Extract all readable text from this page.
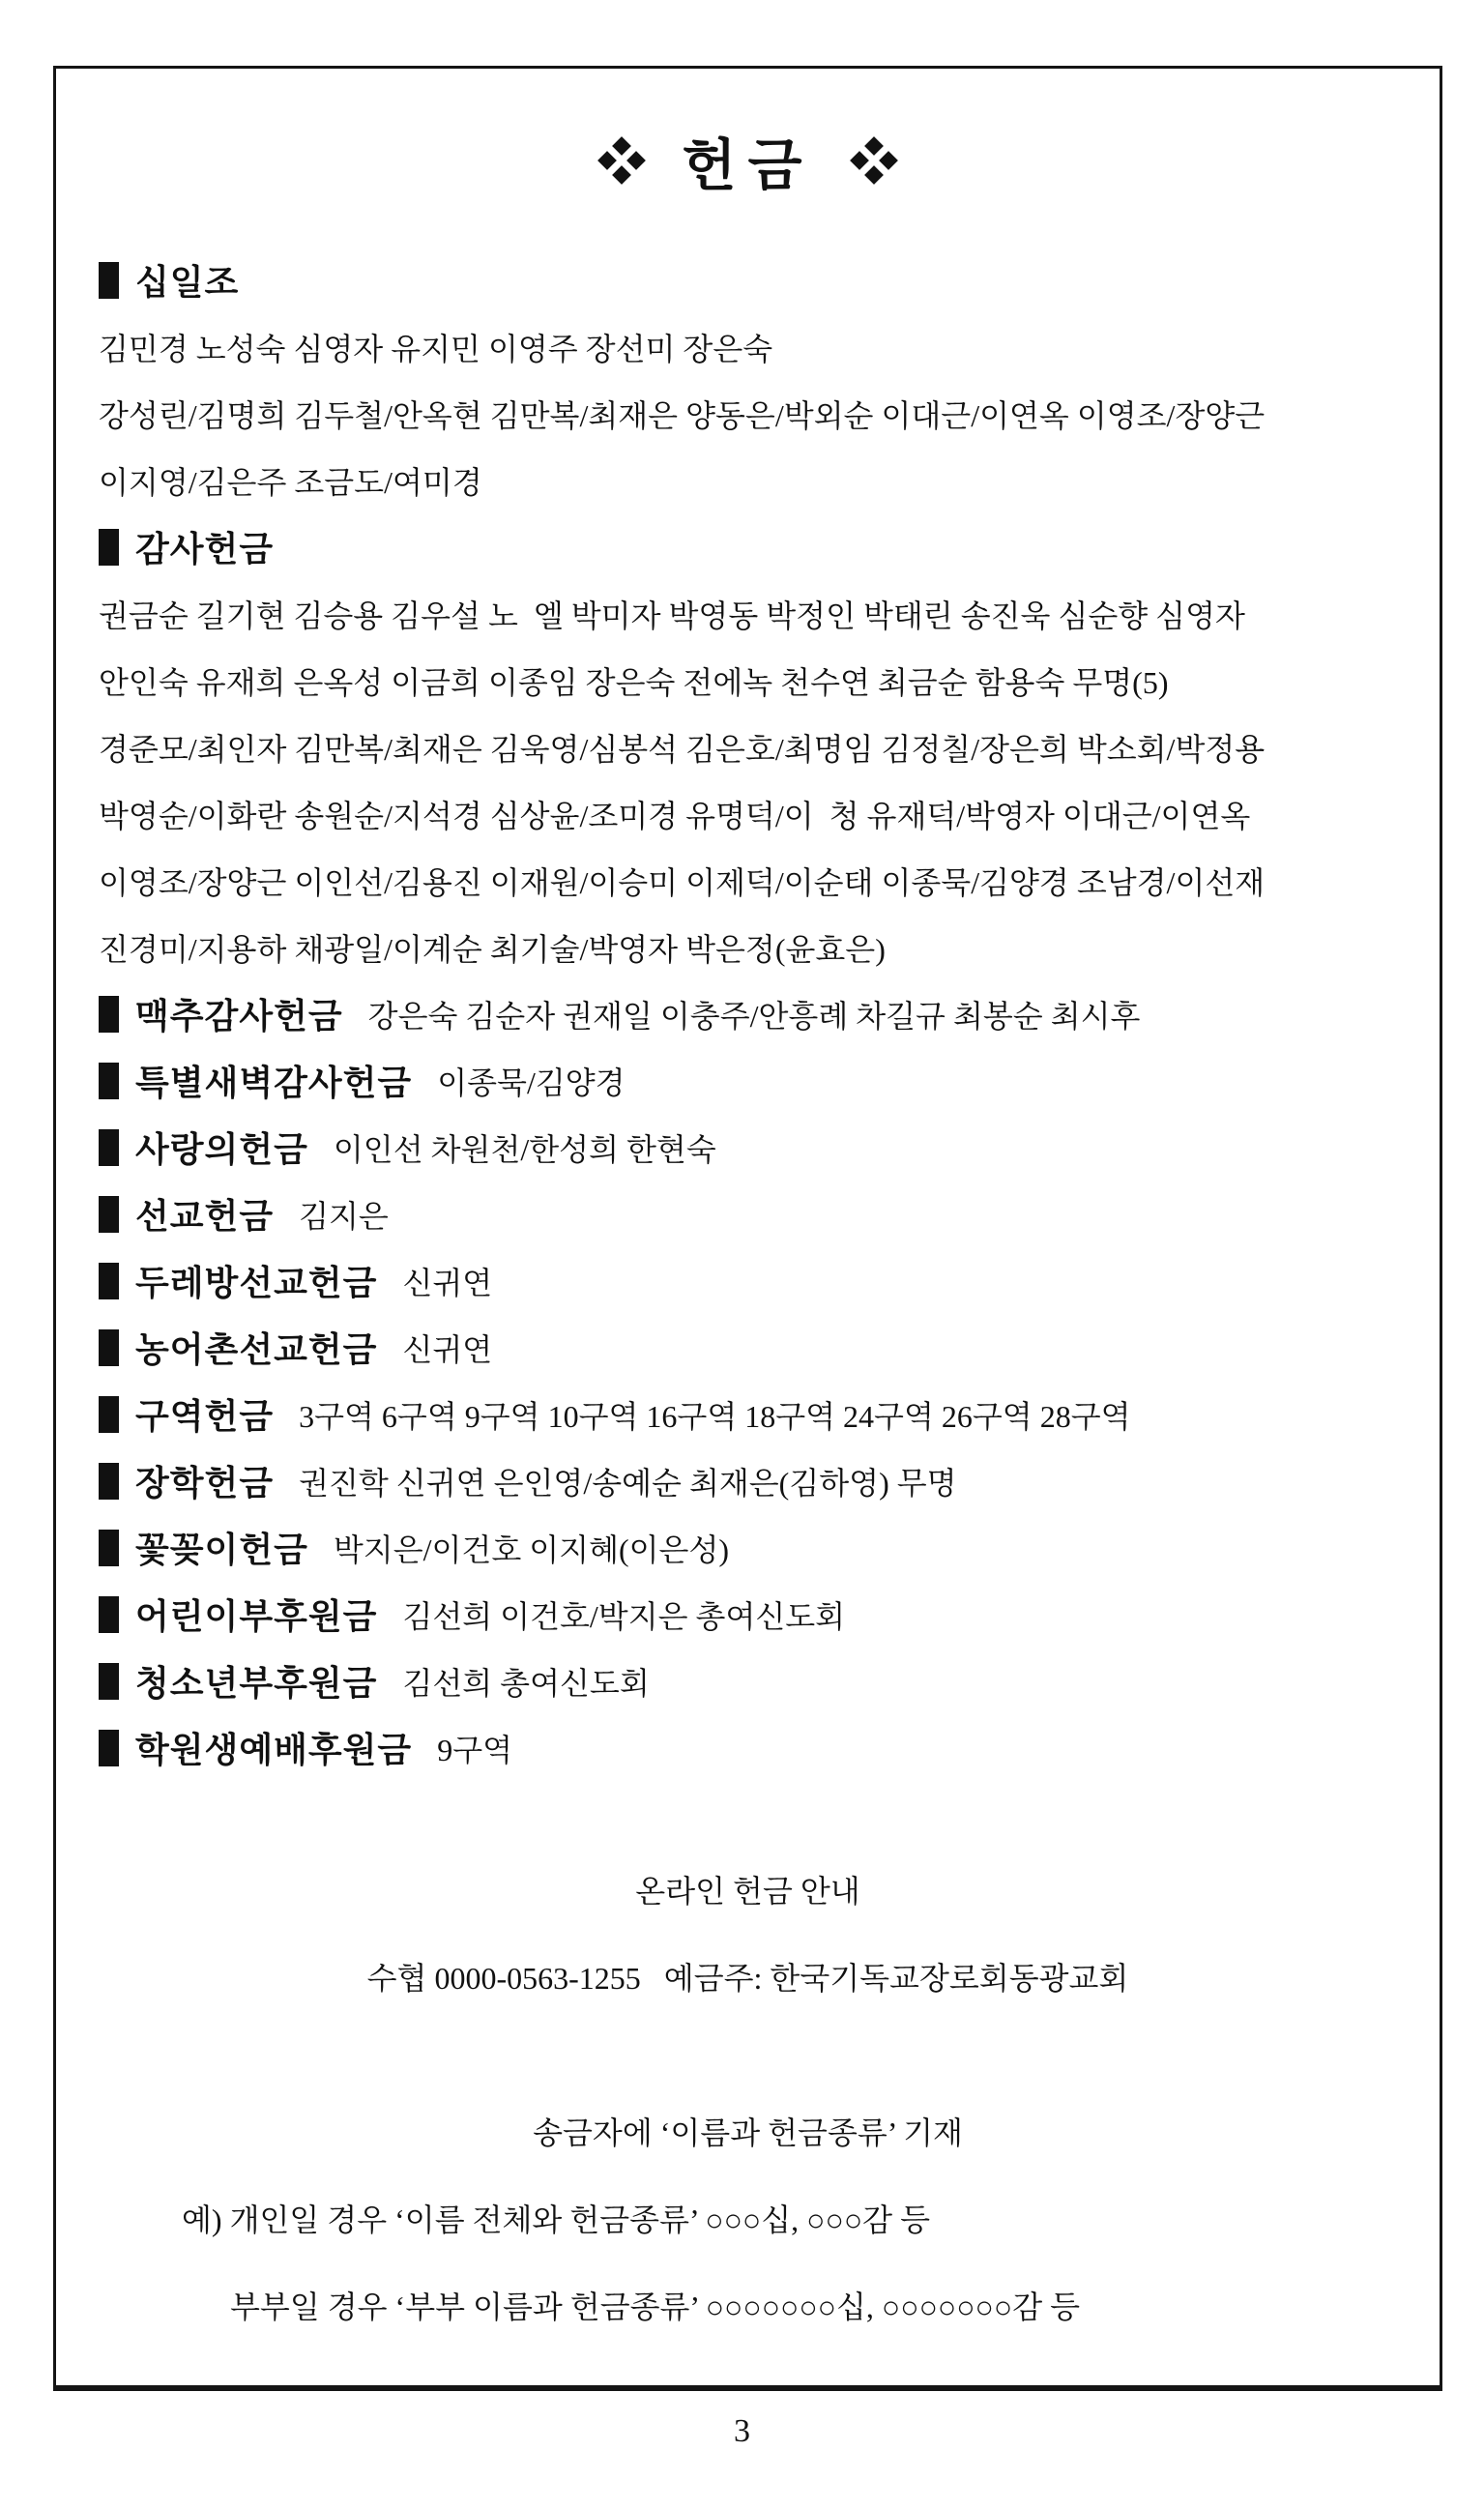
헌금
십일조
김민경 노성숙 심영자 유지민 이영주 장선미 장은숙
강성린/김명희 김두철/안옥현 김만복/최재은 양동은/박외순 이대근/이연옥 이영조/장양근
이지영/김은주 조금도/여미경
감사헌금
권금순 길기현 김승용 김우설 노  엘 박미자 박영동 박정인 박태린 송진욱 심순향 심영자
안인숙 유재희 은옥성 이금희 이종임 장은숙 전에녹 천수연 최금순 함용숙 무명(5)
경준모/최인자 김만복/최재은 김욱영/심봉석 김은호/최명임 김정칠/장은희 박소회/박정용
박영순/이화란 송원순/지석경 심상윤/조미경 유명덕/이  청 유재덕/박영자 이대근/이연옥
이영조/장양근 이인선/김용진 이재원/이승미 이제덕/이순태 이종묵/김양경 조남경/이선재
진경미/지용하 채광일/이계순 최기술/박영자 박은정(윤효은)
맥추감사헌금 강은숙 김순자 권재일 이충주/안흥례 차길규 최봉순 최시후
특별새벽감사헌금 이종묵/김양경
사랑의헌금 이인선 차원천/한성희 한현숙
선교헌금 김지은
두레방선교헌금 신귀연
농어촌선교헌금 신귀연
구역헌금 3구역 6구역 9구역 10구역 16구역 18구역 24구역 26구역 28구역
장학헌금 권진학 신귀연 은인영/송예순 최재은(김하영) 무명
꽃꽂이헌금 박지은/이건호 이지혜(이은성)
어린이부후원금 김선희 이건호/박지은 총여신도회
청소년부후원금 김선희 총여신도회
학원생예배후원금 9구역
온라인 헌금 안내
수협 0000-0563-1255   예금주: 한국기독교장로회동광교회
송금자에 ‘이름과 헌금종류’ 기재
예) 개인일 경우 ‘이름 전체와 헌금종류’ ○○○십, ○○○감 등
부부일 경우 ‘부부 이름과 헌금종류’ ○○○○○○○십, ○○○○○○○감 등
3
